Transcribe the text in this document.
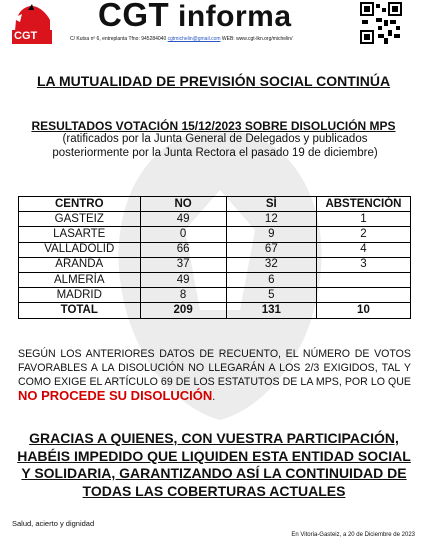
CGT
CGT informa
C/ Kutxa nº 6, entreplanta Tfno: 945284040 cgtmichelin@gmail.com WEB: www.cgt-lkn.org/michelin/
LA MUTUALIDAD DE PREVISIÓN SOCIAL CONTINÚA
RESULTADOS VOTACIÓN 15/12/2023 SOBRE DISOLUCIÓN MPS
(ratificados por la Junta General de Delegados y publicados posteriormente por la Junta Rectora el pasado 19 de diciembre)
CENTRO	NO	SÍ	ABSTENCIÓN
GASTEIZ	49	12	1
LASARTE	0	9	2
VALLADOLID	66	67	4
ARANDA	37	32	3
ALMERÍA	49	6	
MADRID	8	5	
TOTAL	209	131	10
SEGÚN LOS ANTERIORES DATOS DE RECUENTO, EL NÚMERO DE VOTOS FAVORABLES A LA DISOLUCIÓN NO LLEGARÁN A LOS 2/3 EXIGIDOS, TAL Y COMO EXIGE EL ARTÍCULO 69 DE LOS ESTATUTOS DE LA MPS, POR LO QUE NO PROCEDE SU DISOLUCIÓN.
GRACIAS A QUIENES, CON VUESTRA PARTICIPACIÓN, HABÉIS IMPEDIDO QUE LIQUIDEN ESTA ENTIDAD SOCIAL Y SOLIDARIA, GARANTIZANDO ASÍ LA CONTINUIDAD DE TODAS LAS COBERTURAS ACTUALES
Salud, acierto y dignidad
En Vitoria-Gasteiz, a 20 de Diciembre de 2023
